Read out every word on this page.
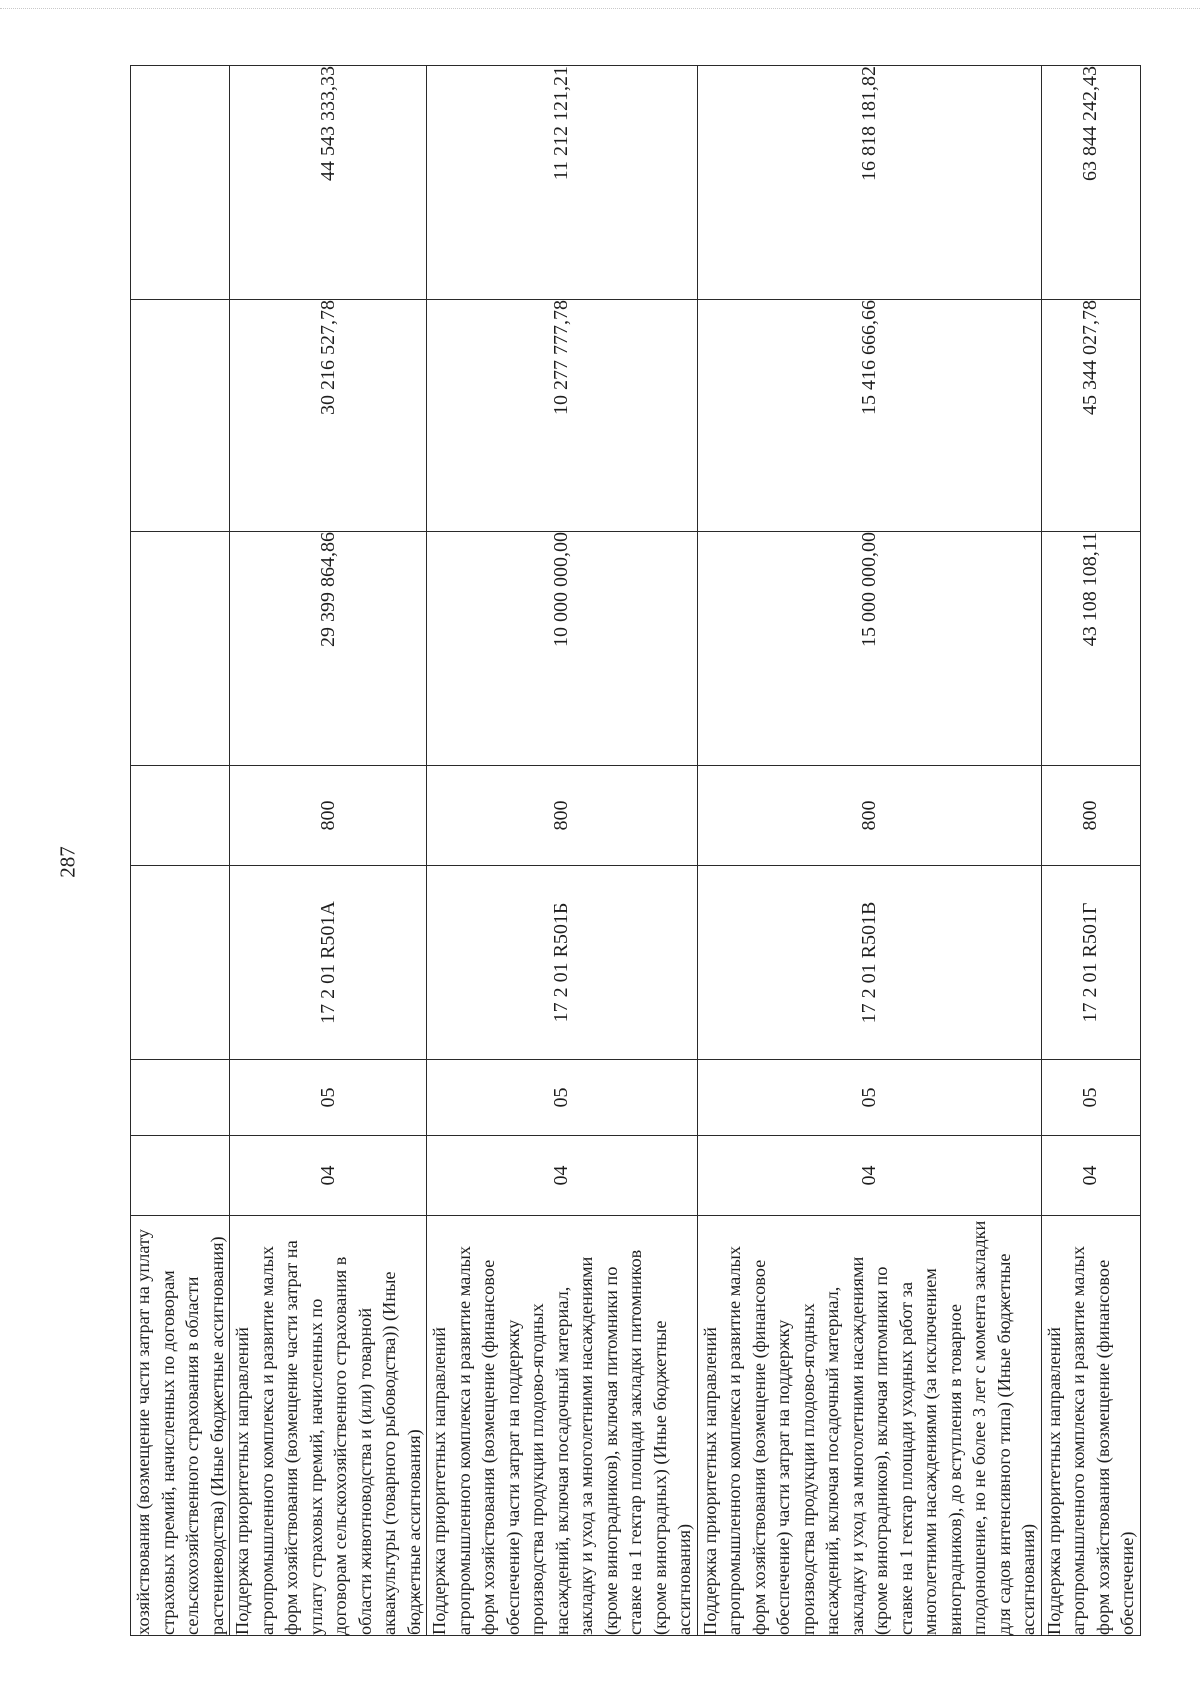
287
хозяйствования (возмещение части затрат на уплату страховых премий, начисленных по договорам сельскохозяйственного страхования в области растениеводства) (Иные бюджетные ассигнования)							
Поддержка приоритетных направлений агропромышленного комплекса и развитие малых форм хозяйствования (возмещение части затрат на уплату страховых премий, начисленных по договорам сельскохозяйственного страхования в области животноводства и (или) товарной аквакультуры (товарного рыбоводства)) (Иные бюджетные ассигнования)	04	05	17 2 01 R501А	800	29 399 864,86	30 216 527,78	44 543 333,33
Поддержка приоритетных направлений агропромышленного комплекса и развитие малых форм хозяйствования (возмещение (финансовое обеспечение) части затрат на поддержку производства продукции плодово-ягодных насаждений, включая посадочный материал, закладку и уход за многолетними насаждениями (кроме виноградников), включая питомники по ставке на 1 гектар площади закладки питомников (кроме виноградных) (Иные бюджетные ассигнования)	04	05	17 2 01 R501Б	800	10 000 000,00	10 277 777,78	11 212 121,21
Поддержка приоритетных направлений агропромышленного комплекса и развитие малых форм хозяйствования (возмещение (финансовое обеспечение) части затрат на поддержку производства продукции плодово-ягодных насаждений, включая посадочный материал, закладку и уход за многолетними насаждениями (кроме виноградников), включая питомники по ставке на 1 гектар площади уходных работ за многолетними насаждениями (за исключением виноградников), до вступления в товарное плодоношение, но не более 3 лет с момента закладки для садов интенсивного типа) (Иные бюджетные ассигнования)	04	05	17 2 01 R501В	800	15 000 000,00	15 416 666,66	16 818 181,82
Поддержка приоритетных направлений агропромышленного комплекса и развитие малых форм хозяйствования (возмещение (финансовое обеспечение)	04	05	17 2 01 R501Г	800	43 108 108,11	45 344 027,78	63 844 242,43
